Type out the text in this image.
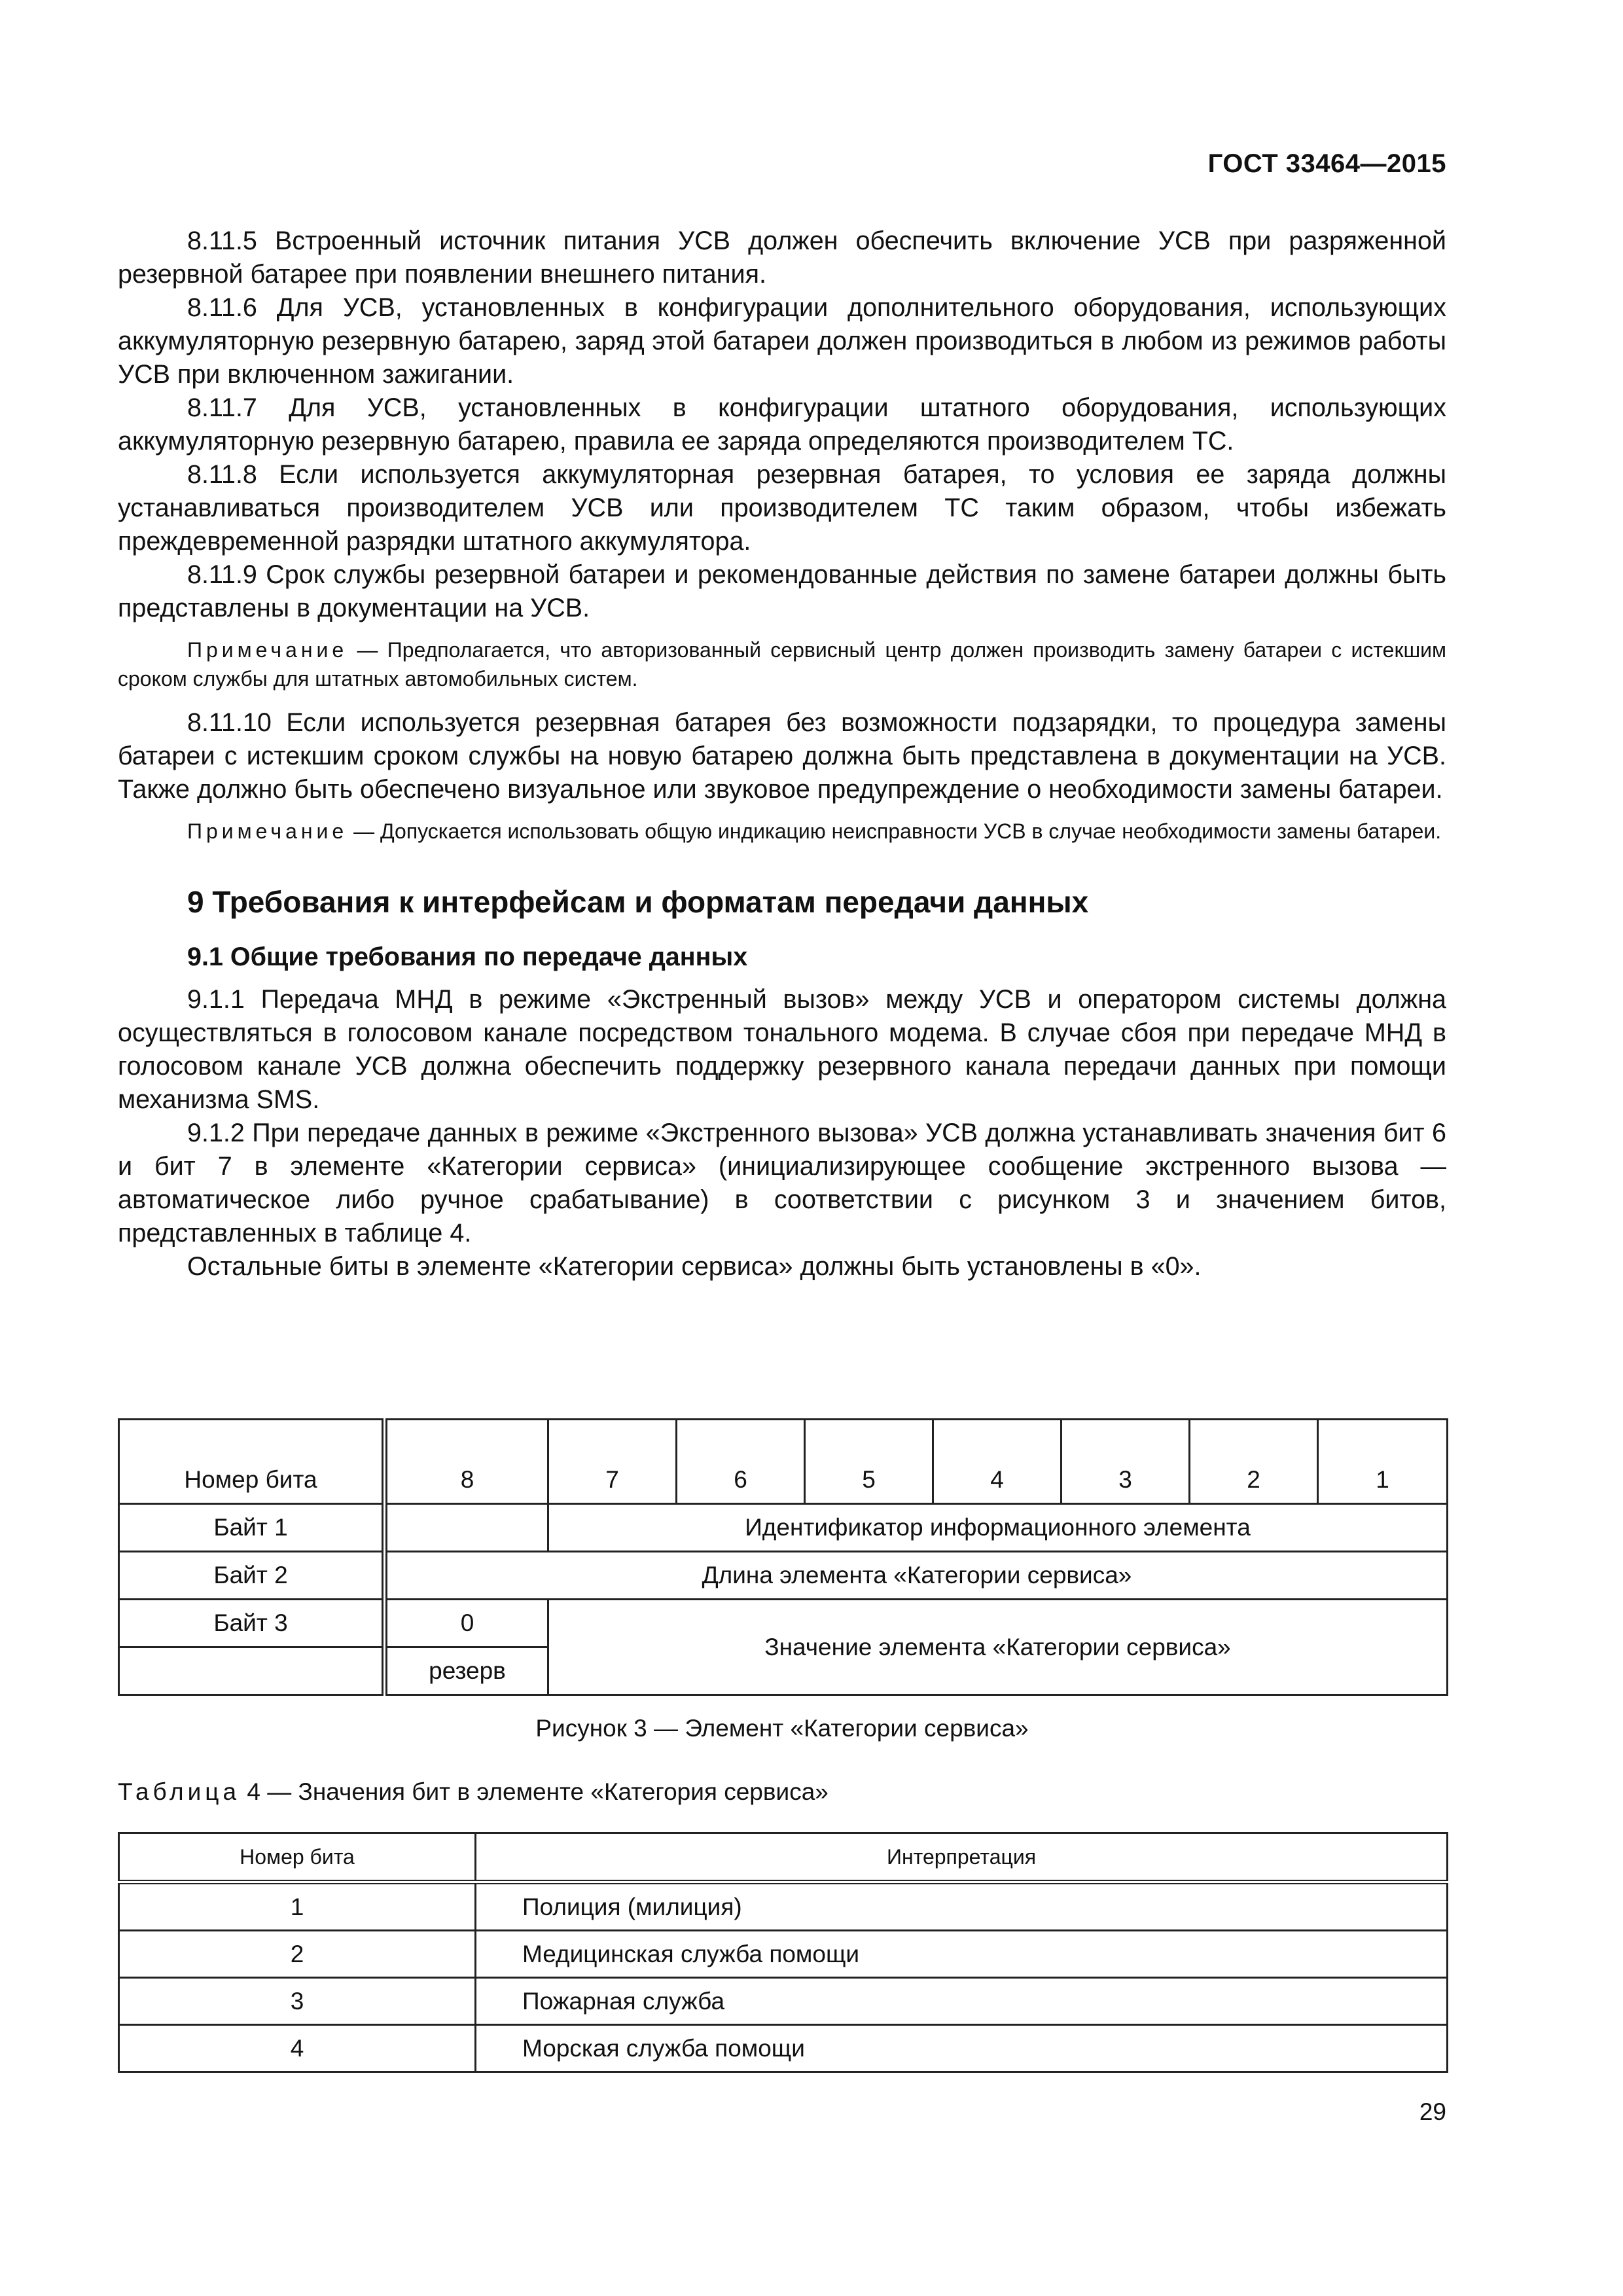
ГОСТ 33464—2015

8.11.5 Встроенный источник питания УСВ должен обеспечить включение УСВ при разряженной резервной батарее при появлении внешнего питания.

8.11.6 Для УСВ, установленных в конфигурации дополнительного оборудования, использующих аккумуляторную резервную батарею, заряд этой батареи должен производиться в любом из режимов работы УСВ при включенном зажигании.

8.11.7 Для УСВ, установленных в конфигурации штатного оборудования, использующих аккумуляторную резервную батарею, правила ее заряда определяются производителем ТС.

8.11.8 Если используется аккумуляторная резервная батарея, то условия ее заряда должны устанавливаться производителем УСВ или производителем ТС таким образом, чтобы избежать преждевременной разрядки штатного аккумулятора.

8.11.9 Срок службы резервной батареи и рекомендованные действия по замене батареи должны быть представлены в документации на УСВ.

Примечание — Предполагается, что авторизованный сервисный центр должен производить замену батареи с истекшим сроком службы для штатных автомобильных систем.

8.11.10 Если используется резервная батарея без возможности подзарядки, то процедура замены батареи с истекшим сроком службы на новую батарею должна быть представлена в документации на УСВ. Также должно быть обеспечено визуальное или звуковое предупреждение о необходимости замены батареи.

Примечание — Допускается использовать общую индикацию неисправности УСВ в случае необходимости замены батареи.

9 Требования к интерфейсам и форматам передачи данных
9.1 Общие требования по передаче данных

9.1.1 Передача МНД в режиме «Экстренный вызов» между УСВ и оператором системы должна осуществляться в голосовом канале посредством тонального модема. В случае сбоя при передаче МНД в голосовом канале УСВ должна обеспечить поддержку резервного канала передачи данных при помощи механизма SMS.

9.1.2 При передаче данных в режиме «Экстренного вызова» УСВ должна устанавливать значения бит 6 и бит 7 в элементе «Категории сервиса» (инициализирующее сообщение экстренного вызова — автоматическое либо ручное срабатывание) в соответствии с рисунком 3 и значением битов, представленных в таблице 4.

Остальные биты в элементе «Категории сервиса» должны быть установлены в «0».

Номер бита	8	7	6	5	4	3	2	1
Байт 1		Идентификатор информационного элемента						
Байт 2	Длина элемента «Категории сервиса»							
Байт 3	0	Значение элемента «Категории сервиса»						
	резерв							
Рисунок 3 — Элемент «Категории сервиса»
Таблица 4 — Значения бит в элементе «Категория сервиса»
Номер бита	Интерпретация
1	Полиция (милиция)
2	Медицинская служба помощи
3	Пожарная служба
4	Морская служба помощи
29
